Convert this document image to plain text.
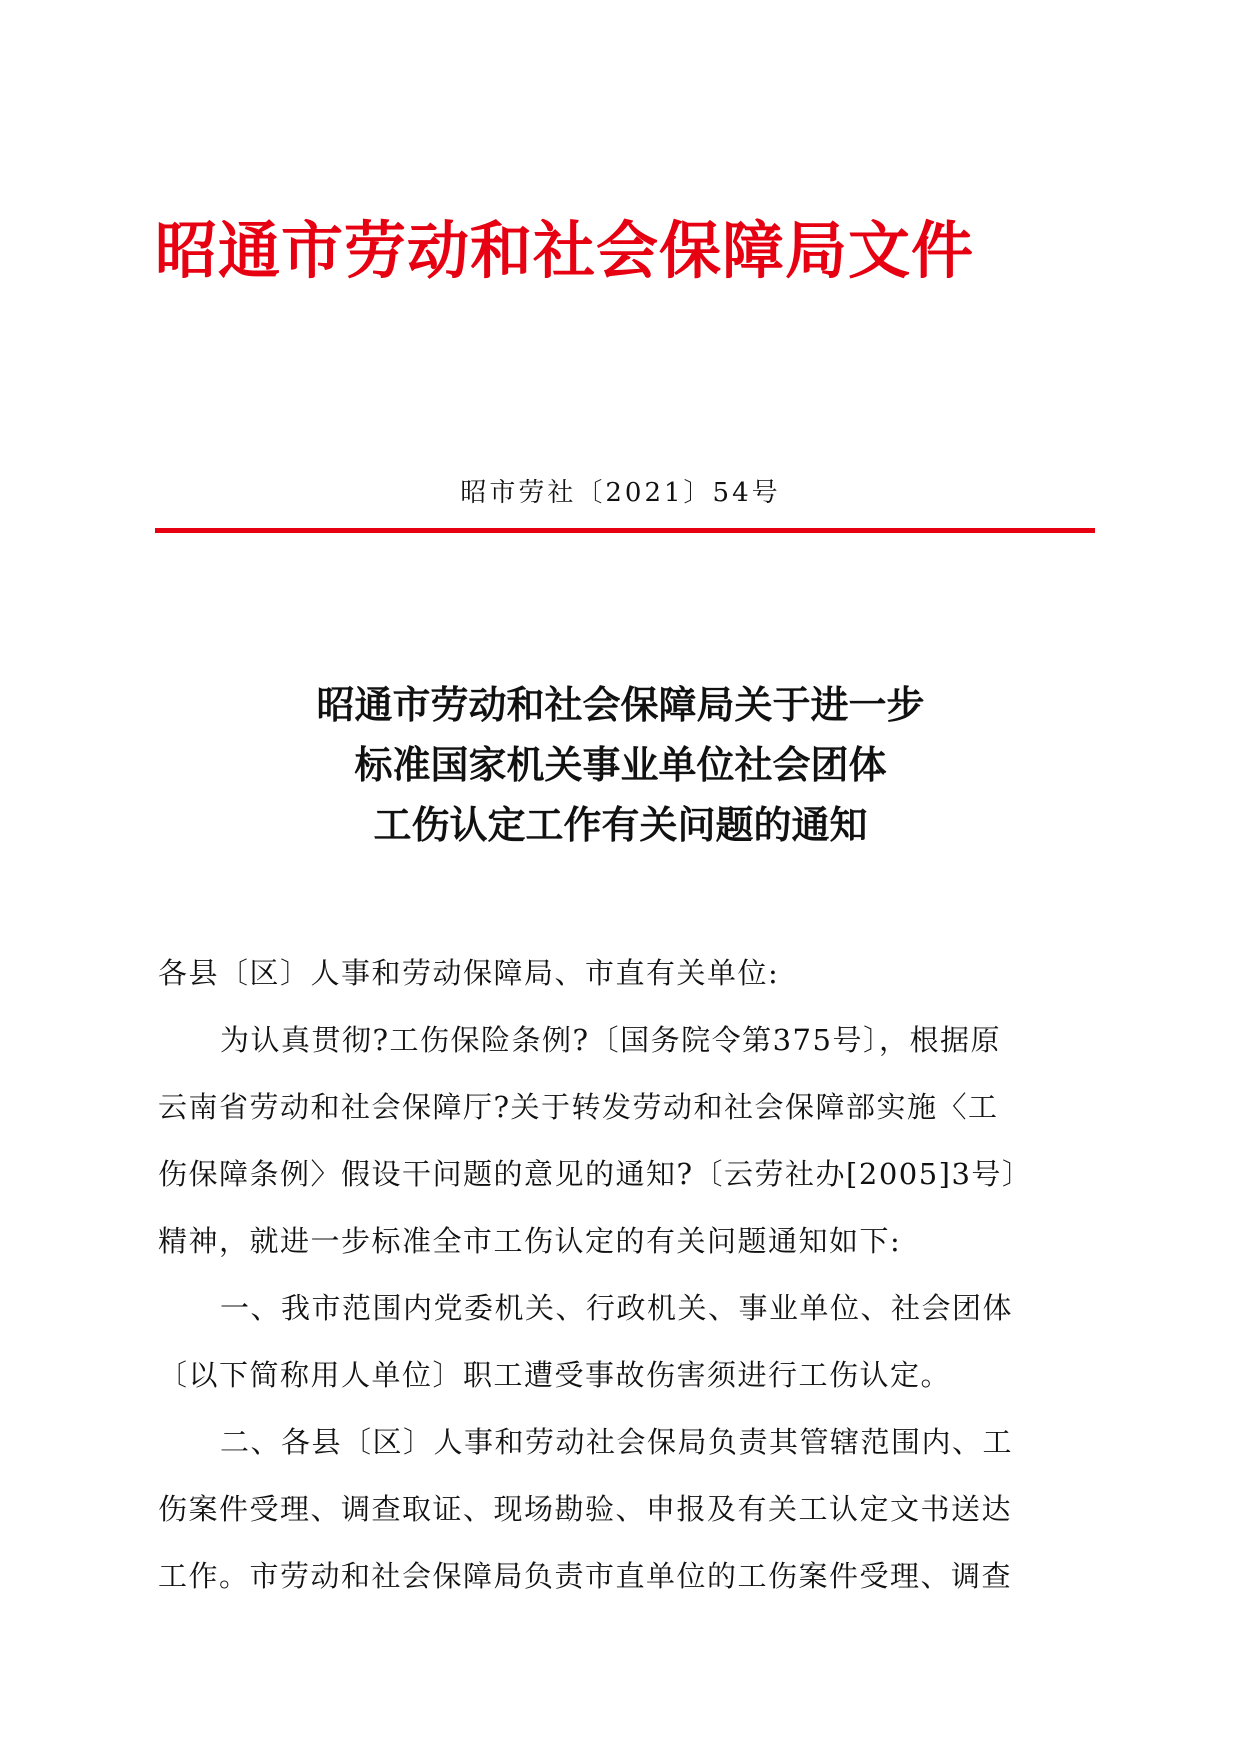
昭通市劳动和社会保障局文件
昭市劳社〔2021〕54号
昭通市劳动和社会保障局关于进一步
标准国家机关事业单位社会团体
工伤认定工作有关问题的通知

各县〔区〕人事和劳动保障局、市直有关单位:

为认真贯彻?工伤保险条例?〔国务院令第375号〕，根据原

云南省劳动和社会保障厅?关于转发劳动和社会保障部实施〈工

伤保障条例〉假设干问题的意见的通知?〔云劳社办[2005]3号〕

精神，就进一步标准全市工伤认定的有关问题通知如下:

一、我市范围内党委机关、行政机关、事业单位、社会团体

〔以下简称用人单位〕职工遭受事故伤害须进行工伤认定。

二、各县〔区〕人事和劳动社会保局负责其管辖范围内、工

伤案件受理、调查取证、现场勘验、申报及有关工认定文书送达

工作。市劳动和社会保障局负责市直单位的工伤案件受理、调查
